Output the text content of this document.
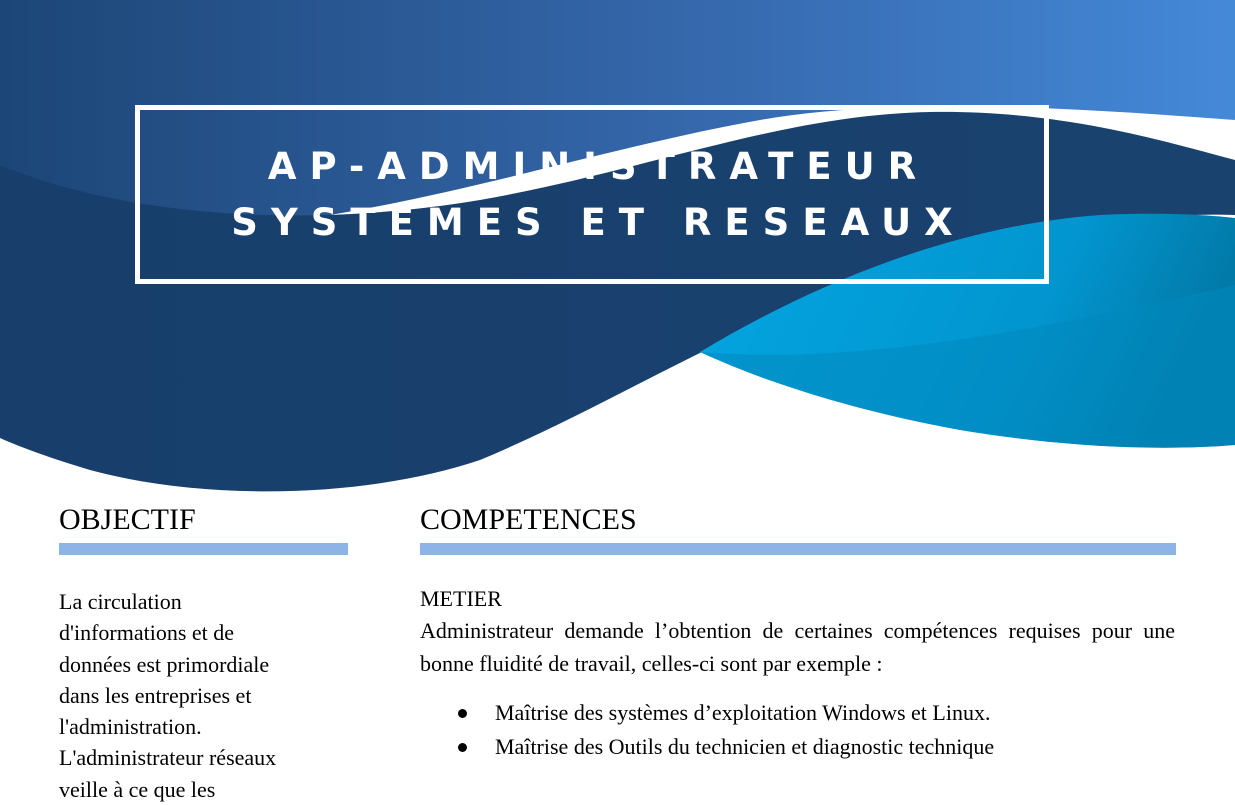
AP-ADMINISTRATEUR
SYSTEMES ET RESEAUX
OBJECTIF
La circulation
d'informations et de
données est primordiale
dans les entreprises et
l'administration.
L'administrateur réseaux
veille à ce que les
COMPETENCES
METIER

Administrateur demande l’obtention de certaines compétences requises pour une bonne fluidité de travail, celles-ci sont par exemple :

Maîtrise des systèmes d’exploitation Windows et Linux.
Maîtrise des Outils du technicien et diagnostic technique
